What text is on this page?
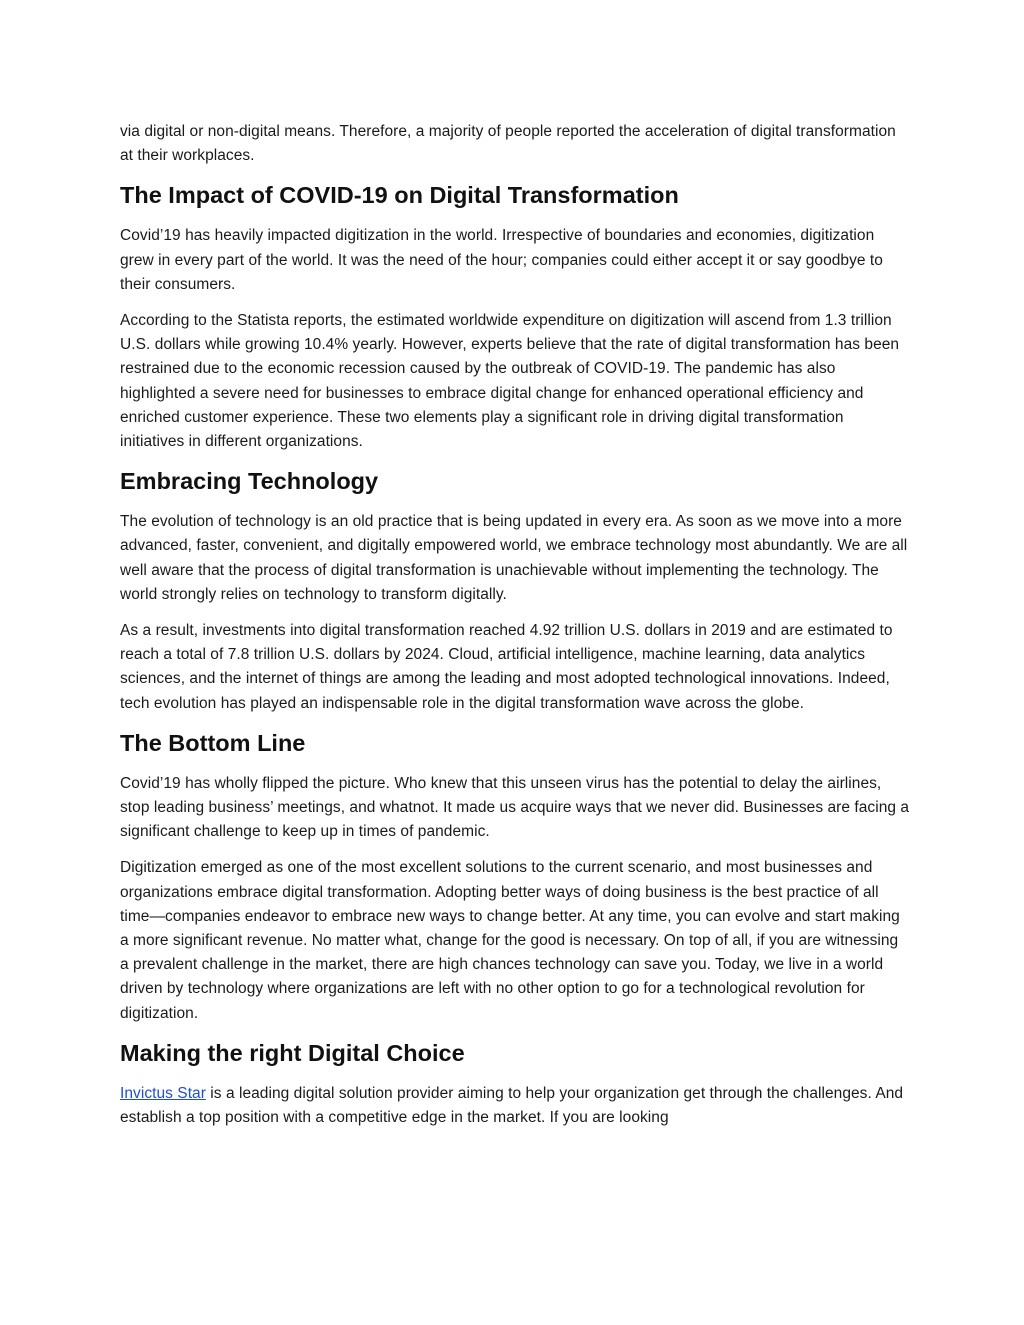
via digital or non-digital means. Therefore, a majority of people reported the acceleration of digital transformation at their workplaces.

The Impact of COVID-19 on Digital Transformation

Covid’19 has heavily impacted digitization in the world. Irrespective of boundaries and economies, digitization grew in every part of the world. It was the need of the hour; companies could either accept it or say goodbye to their consumers.

According to the Statista reports, the estimated worldwide expenditure on digitization will ascend from 1.3 trillion U.S. dollars while growing 10.4% yearly. However, experts believe that the rate of digital transformation has been restrained due to the economic recession caused by the outbreak of COVID-19. The pandemic has also highlighted a severe need for businesses to embrace digital change for enhanced operational efficiency and enriched customer experience. These two elements play a significant role in driving digital transformation initiatives in different organizations.

Embracing Technology

The evolution of technology is an old practice that is being updated in every era. As soon as we move into a more advanced, faster, convenient, and digitally empowered world, we embrace technology most abundantly. We are all well aware that the process of digital transformation is unachievable without implementing the technology. The world strongly relies on technology to transform digitally.

As a result, investments into digital transformation reached 4.92 trillion U.S. dollars in 2019 and are estimated to reach a total of 7.8 trillion U.S. dollars by 2024. Cloud, artificial intelligence, machine learning, data analytics sciences, and the internet of things are among the leading and most adopted technological innovations. Indeed, tech evolution has played an indispensable role in the digital transformation wave across the globe.

The Bottom Line

Covid’19 has wholly flipped the picture. Who knew that this unseen virus has the potential to delay the airlines, stop leading business’ meetings, and whatnot. It made us acquire ways that we never did. Businesses are facing a significant challenge to keep up in times of pandemic.

Digitization emerged as one of the most excellent solutions to the current scenario, and most businesses and organizations embrace digital transformation. Adopting better ways of doing business is the best practice of all time—companies endeavor to embrace new ways to change better. At any time, you can evolve and start making a more significant revenue. No matter what, change for the good is necessary. On top of all, if you are witnessing a prevalent challenge in the market, there are high chances technology can save you. Today, we live in a world driven by technology where organizations are left with no other option to go for a technological revolution for digitization.

Making the right Digital Choice

Invictus Star is a leading digital solution provider aiming to help your organization get through the challenges. And establish a top position with a competitive edge in the market. If you are looking
